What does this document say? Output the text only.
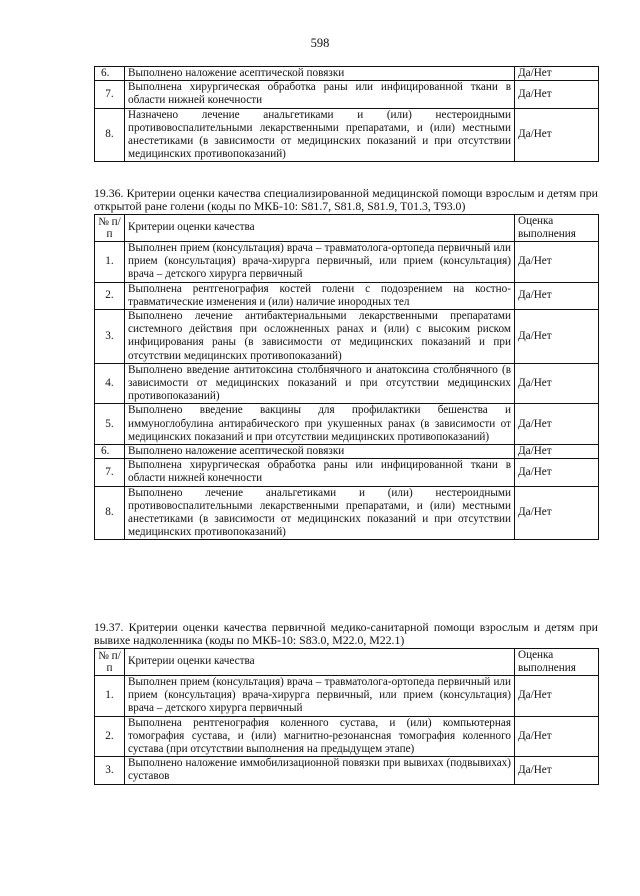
598
6.	Выполнено наложение асептической повязки	Да/Нет
7.	Выполнена хирургическая обработка раны или инфицированной ткани в области нижней конечности	Да/Нет
8.	Назначено лечение анальгетиками и (или) нестероидными противовоспалительными лекарственными препаратами, и (или) местными анестетиками (в зависимости от медицинских показаний и при отсутствии медицинских противопоказаний)	Да/Нет
19.36. Критерии оценки качества специализированной медицинской помощи взрослым и детям при открытой ране голени (коды по МКБ-10: S81.7, S81.8, S81.9, T01.3, T93.0)
№ п/п	Критерии оценки качества	Оценка выполнения
1.	Выполнен прием (консультация) врача – травматолога-ортопеда первичный или прием (консультация) врача-хирурга первичный, или прием (консультация) врача – детского хирурга первичный	Да/Нет
2.	Выполнена рентгенография костей голени с подозрением на костно-травматические изменения и (или) наличие инородных тел	Да/Нет
3.	Выполнено лечение антибактериальными лекарственными препаратами системного действия при осложненных ранах и (или) с высоким риском инфицирования раны (в зависимости от медицинских показаний и при отсутствии медицинских противопоказаний)	Да/Нет
4.	Выполнено введение антитоксина столбнячного и анатоксина столбнячного (в зависимости от медицинских показаний и при отсутствии медицинских противопоказаний)	Да/Нет
5.	Выполнено введение вакцины для профилактики бешенства и иммуноглобулина антирабического при укушенных ранах (в зависимости от медицинских показаний и при отсутствии медицинских противопоказаний)	Да/Нет
6.	Выполнено наложение асептической повязки	Да/Нет
7.	Выполнена хирургическая обработка раны или инфицированной ткани в области нижней конечности	Да/Нет
8.	Выполнено лечение анальгетиками и (или) нестероидными противовоспалительными лекарственными препаратами, и (или) местными анестетиками (в зависимости от медицинских показаний и при отсутствии медицинских противопоказаний)	Да/Нет
19.37. Критерии оценки качества первичной медико-санитарной помощи взрослым и детям при вывихе надколенника (коды по МКБ-10: S83.0, M22.0, M22.1)
№ п/п	Критерии оценки качества	Оценка выполнения
1.	Выполнен прием (консультация) врача – травматолога-ортопеда первичный или прием (консультация) врача-хирурга первичный, или прием (консультация) врача – детского хирурга первичный	Да/Нет
2.	Выполнена рентгенография коленного сустава, и (или) компьютерная томография сустава, и (или) магнитно-резонансная томография коленного сустава (при отсутствии выполнения на предыдущем этапе)	Да/Нет
3.	Выполнено наложение иммобилизационной повязки при вывихах (подвывихах) суставов	Да/Нет
